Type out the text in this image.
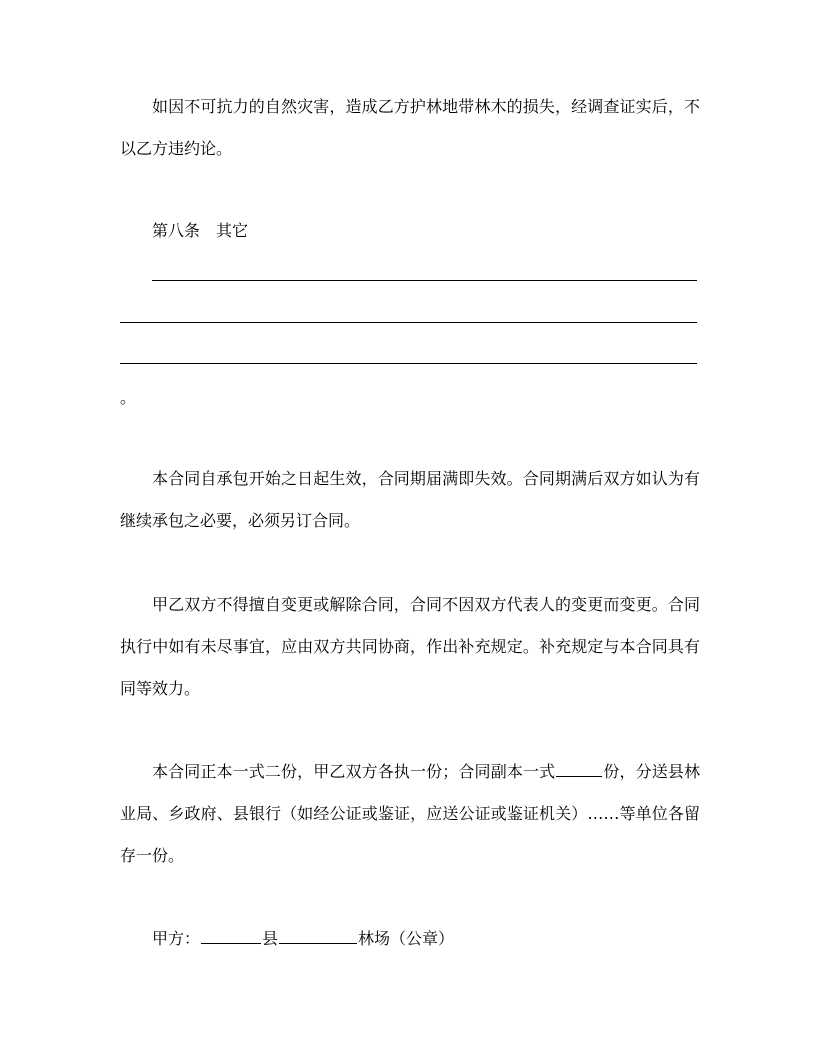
如因不可抗力的自然灾害，造成乙方护林地带林木的损失，经调查证实后，不以乙方违约论。

第八条　其它
。

本合同自承包开始之日起生效，合同期届满即失效。合同期满后双方如认为有继续承包之必要，必须另订合同。

甲乙双方不得擅自变更或解除合同，合同不因双方代表人的变更而变更。合同执行中如有未尽事宜，应由双方共同协商，作出补充规定。补充规定与本合同具有同等效力。

本合同正本一式二份，甲乙双方各执一份；合同副本一式	份，分送县林业局、乡政府、县银行（如经公证或鉴证，应送公证或鉴证机关）……等单位各留存一份。

甲方：	县	林场（公章）
